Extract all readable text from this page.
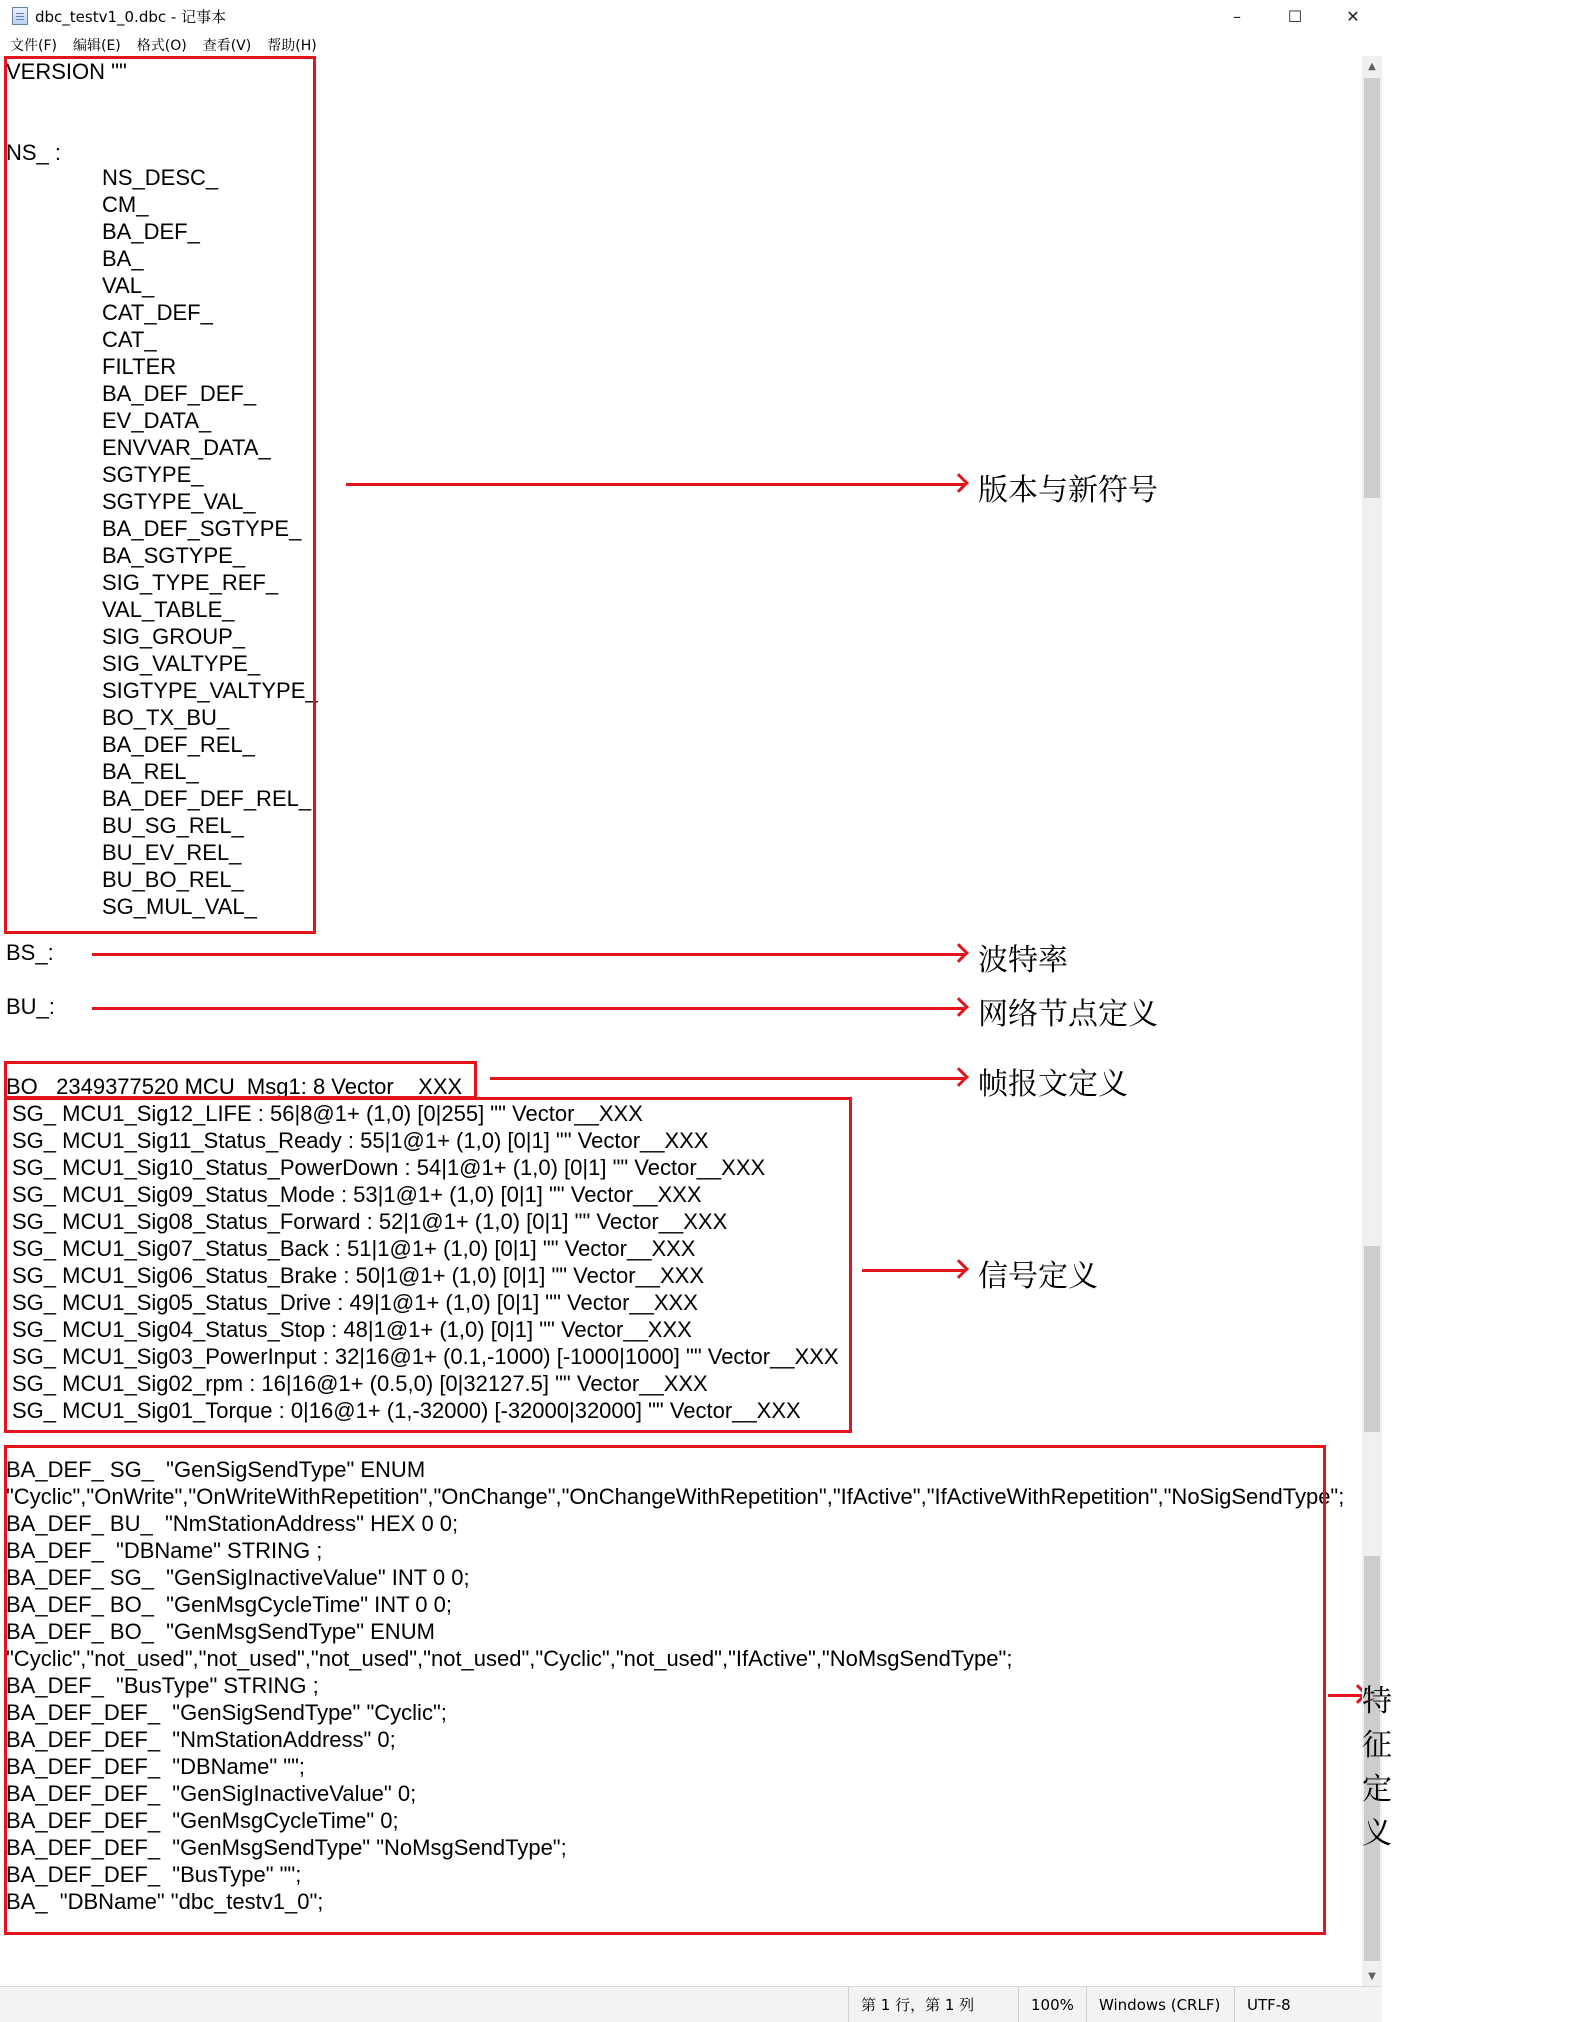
dbc_testv1_0.dbc - 记事本	–	☐	✕
文件(F)	编辑(E)	格式(O)	查看(V)	帮助(H)
VERSION ""
NS_ :
NS_DESC_
CM_
BA_DEF_
BA_
VAL_
CAT_DEF_
CAT_
FILTER
BA_DEF_DEF_
EV_DATA_
ENVVAR_DATA_
SGTYPE_
SGTYPE_VAL_
BA_DEF_SGTYPE_
BA_SGTYPE_
SIG_TYPE_REF_
VAL_TABLE_
SIG_GROUP_
SIG_VALTYPE_
SIGTYPE_VALTYPE_
BO_TX_BU_
BA_DEF_REL_
BA_REL_
BA_DEF_DEF_REL_
BU_SG_REL_
BU_EV_REL_
BU_BO_REL_
SG_MUL_VAL_
BS_:
BU_:
BO_ 2349377520 MCU_Msg1: 8 Vector__XXX
SG_ MCU1_Sig12_LIFE : 56|8@1+ (1,0) [0|255] "" Vector__XXX
SG_ MCU1_Sig11_Status_Ready : 55|1@1+ (1,0) [0|1] "" Vector__XXX
SG_ MCU1_Sig10_Status_PowerDown : 54|1@1+ (1,0) [0|1] "" Vector__XXX
SG_ MCU1_Sig09_Status_Mode : 53|1@1+ (1,0) [0|1] "" Vector__XXX
SG_ MCU1_Sig08_Status_Forward : 52|1@1+ (1,0) [0|1] "" Vector__XXX
SG_ MCU1_Sig07_Status_Back : 51|1@1+ (1,0) [0|1] "" Vector__XXX
SG_ MCU1_Sig06_Status_Brake : 50|1@1+ (1,0) [0|1] "" Vector__XXX
SG_ MCU1_Sig05_Status_Drive : 49|1@1+ (1,0) [0|1] "" Vector__XXX
SG_ MCU1_Sig04_Status_Stop : 48|1@1+ (1,0) [0|1] "" Vector__XXX
SG_ MCU1_Sig03_PowerInput : 32|16@1+ (0.1,-1000) [-1000|1000] "" Vector__XXX
SG_ MCU1_Sig02_rpm : 16|16@1+ (0.5,0) [0|32127.5] "" Vector__XXX
SG_ MCU1_Sig01_Torque : 0|16@1+ (1,-32000) [-32000|32000] "" Vector__XXX
BA_DEF_ SG_  "GenSigSendType" ENUM
"Cyclic","OnWrite","OnWriteWithRepetition","OnChange","OnChangeWithRepetition","IfActive","IfActiveWithRepetition","NoSigSendType";
BA_DEF_ BU_  "NmStationAddress" HEX 0 0;
BA_DEF_  "DBName" STRING ;
BA_DEF_ SG_  "GenSigInactiveValue" INT 0 0;
BA_DEF_ BO_  "GenMsgCycleTime" INT 0 0;
BA_DEF_ BO_  "GenMsgSendType" ENUM
"Cyclic","not_used","not_used","not_used","not_used","Cyclic","not_used","IfActive","NoMsgSendType";
BA_DEF_  "BusType" STRING ;
BA_DEF_DEF_  "GenSigSendType" "Cyclic";
BA_DEF_DEF_  "NmStationAddress" 0;
BA_DEF_DEF_  "DBName" "";
BA_DEF_DEF_  "GenSigInactiveValue" 0;
BA_DEF_DEF_  "GenMsgCycleTime" 0;
BA_DEF_DEF_  "GenMsgSendType" "NoMsgSendType";
BA_DEF_DEF_  "BusType" "";
BA_  "DBName" "dbc_testv1_0";
版本与新符号
波特率
网络节点定义
帧报文定义
信号定义
特征定义
▲
▼
第 1 行，第 1 列	100%	Windows (CRLF)	UTF-8
